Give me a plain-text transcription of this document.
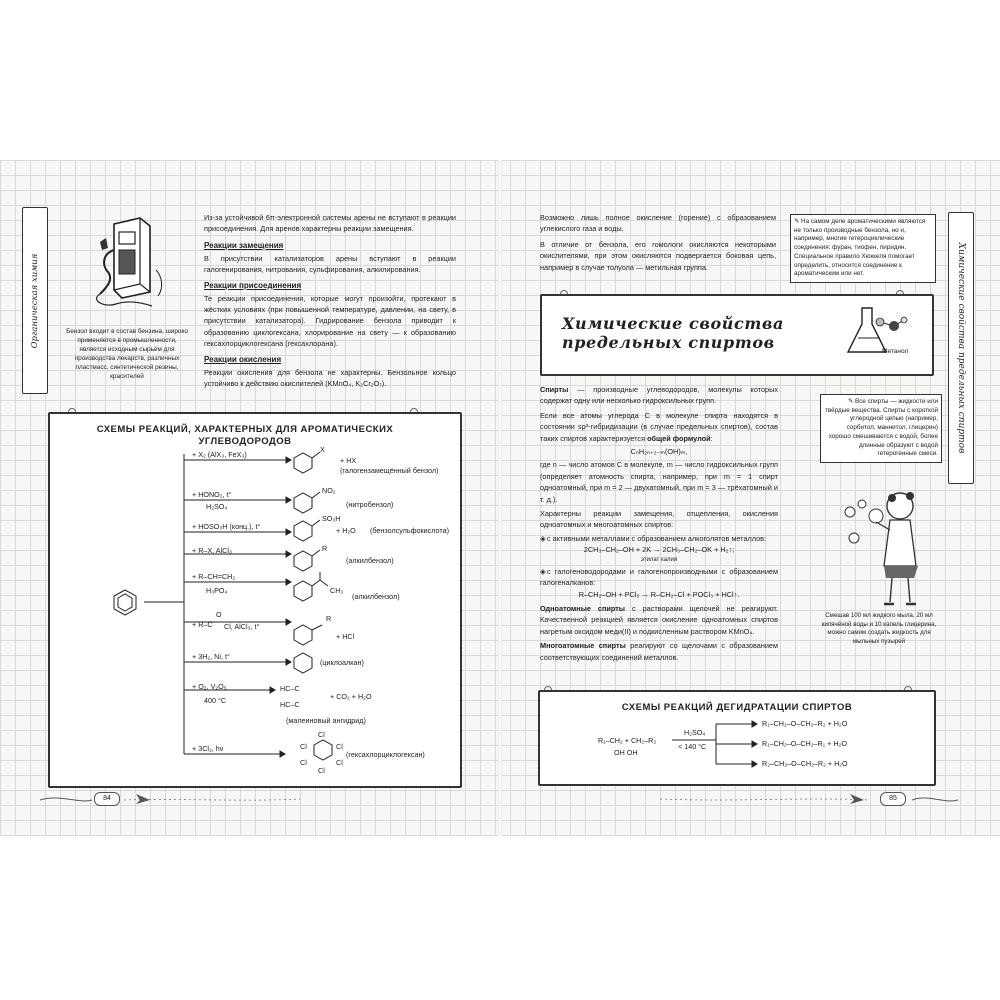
Органическая химия	Бензол входит в состав бензина, широко применяется в промышленности, является исходным сырьём для производства лекарств, различных пластмасс, синтетической резины, красителей
Из-за устойчивой 6π-электронной системы арены не вступают в реакции присоединения. Для аренов характерны реакции замещения.

Реакции замещения

В присутствии катализаторов арены вступают в реакции галогенирования, нитрования, сульфирования, алкилирования.

Реакции присоединения

Те реакции присоединения, которые могут произойти, протекают в жёстких условиях (при повышенной температуре, давлении, на свету, в присутствии катализатора). Гидрирование бензола приводит к образованию циклогексана, хлорирование на свету — к образованию гексахлорциклогексана (гексахлорана).

Реакции окисления

Реакции окисления для бензола не характерны. Бензольное кольцо устойчиво к действию окислителей (KMnO₄, K₂Cr₂O₇).
СХЕМЫ РЕАКЦИЙ, ХАРАКТЕРНЫХ ДЛЯ АРОМАТИЧЕСКИХ УГЛЕВОДОРОДОВ
+ X₂ (AlX₃, FeX₃)
X
+ HX
(галогензамещённый бензол)
+ HONO₂, t°
H₂SO₄
NO₂
(нитробензол)
+ HOSO₃H (конц.), t°
SO₃H
+ H₂O (бензолсульфокислота)
+ R–X, AlCl₃	R
(алкилбензол)
+ R–CH=CH₂
H₃PO₄	CH₃
(алкилбензол)
+ R–C Cl, AlCl₃, t°
O	R
+ HCl
+ 3H₂, Ni, t°
(циклоалкан)
+ O₂, V₂O₅
400 °C
HC–C
HC–C
+ CO₂ + H₂O
(малеиновый ангидрид)
+ 3Cl₂, hν
Cl
Cl	Cl
Cl	Cl
Cl
(гексахлорциклогексан)
84
Возможно лишь полное окисление (горение) с образованием углекислого газа и воды.
В отличие от бензола, его гомологи окисляются некоторыми окислителями, при этом окисляются подвергается боковая цепь, например в случае толуола — метильная группа.
✎ На самом деле ароматическими являются не только производные бензола, но и, например, многие гетероциклические соединения: фуран, тиофен, пиридин. Специальное правило Хюккеля помогает определить, относится соединение к ароматическим или нет.	Химические свойства предельных спиртов
Химические свойства предельных спиртов	Метанол
Спирты — производные углеводородов, молекулы которых содержат одну или несколько гидроксильных групп.
Если все атомы углерода С в молекуле спирта находятся в состоянии sp³-гибридизации (в случае предельных спиртов), состав таких спиртов характеризуется общей формулой:
CₙH₂ₙ₊₂₋ₘ(OH)ₘ,
где n — число атомов C в молекуле, m — число гидроксильных групп (определяет атомность спирта, например, при m = 1 спирт одноатомный, при m = 2 — двухатомный, при m = 3 — трёхатомный и т. д.).
Характерны реакции замещения, отщепления, окисления одноатомных и многоатомных спиртов:
◈с активными металлами с образованием алкоголятов металлов:
2CH₃–CH₂–OH + 2K → 2CH₃–CH₂–OK + H₂↑;
этилат калия
◈с галогеноводородами и галогенопроизводными с образованием галогеналканов:
R–CH₂–OH + PCl₅ → R–CH₂–Cl + POCl₃ + HCl↑.
Одноатомные спирты с растворами щелочей не реагируют. Качественной реакцией является окисление одноатомных спиртов нагретым оксидом меди(II) и подкисленным раствором KMnO₄.
Многоатомные спирты реагируют со щелочами с образованием соответствующих соединений металлов.
✎ Все спирты — жидкости или твёрдые вещества. Спирты с короткой углеродной цепью (например, сорбитол, маннитол, глицерин) хорошо смешиваются с водой, более длинные образуют с водой гетерогенные смеси.
Смешав 100 мл жидкого мыла, 20 мл кипячёной воды и 10 капель глицерина, можно самим создать жидкость для мыльных пузырей
СХЕМЫ РЕАКЦИЙ ДЕГИДРАТАЦИИ СПИРТОВ
R₁–CH₂ + CH₂–R₂
OH OH
H₂SO₄
< 140 °C
R₁–CH₂–O–CH₂–R₂ + H₂O
R₁–CH₂–O–CH₂–R₁ + H₂O
R₂–CH₂–O–CH₂–R₂ + H₂O
85
